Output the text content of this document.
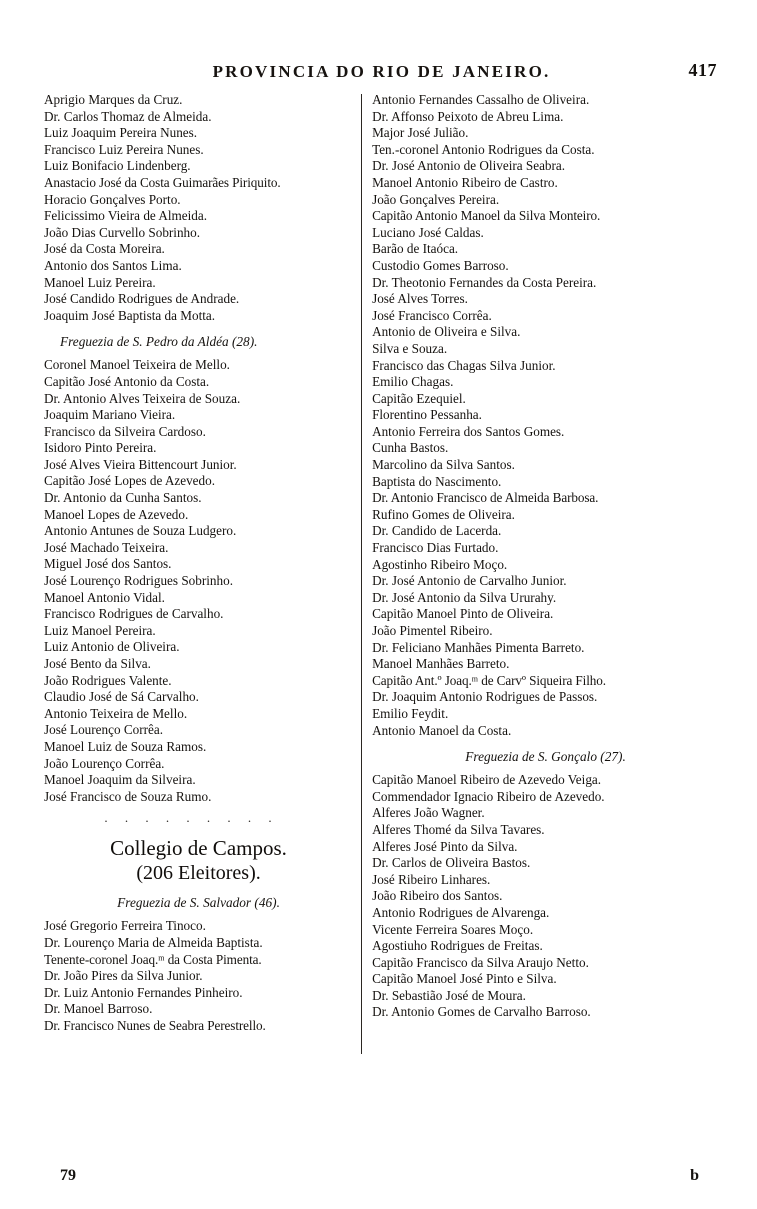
PROVINCIA DO RIO DE JANEIRO.	417
Aprigio Marques da Cruz.
Dr. Carlos Thomaz de Almeida.
Luiz Joaquim Pereira Nunes.
Francisco Luiz Pereira Nunes.
Luiz Bonifacio Lindenberg.
Anastacio José da Costa Guimarães Piriquito.
Horacio Gonçalves Porto.
Felicissimo Vieira de Almeida.
João Dias Curvello Sobrinho.
José da Costa Moreira.
Antonio dos Santos Lima.
Manoel Luiz Pereira.
José Candido Rodrigues de Andrade.
Joaquim José Baptista da Motta.
Freguezia de S. Pedro da Aldéa (28).
Coronel Manoel Teixeira de Mello.
Capitão José Antonio da Costa.
Dr. Antonio Alves Teixeira de Souza.
Joaquim Mariano Vieira.
Francisco da Silveira Cardoso.
Isidoro Pinto Pereira.
José Alves Vieira Bittencourt Junior.
Capitão José Lopes de Azevedo.
Dr. Antonio da Cunha Santos.
Manoel Lopes de Azevedo.
Antonio Antunes de Souza Ludgero.
José Machado Teixeira.
Miguel José dos Santos.
José Lourenço Rodrigues Sobrinho.
Manoel Antonio Vidal.
Francisco Rodrigues de Carvalho.
Luiz Manoel Pereira.
Luiz Antonio de Oliveira.
José Bento da Silva.
João Rodrigues Valente.
Claudio José de Sá Carvalho.
Antonio Teixeira de Mello.
José Lourenço Corrêa.
Manoel Luiz de Souza Ramos.
João Lourenço Corrêa.
Manoel Joaquim da Silveira.
José Francisco de Souza Rumo.
. . . . . . . . .
Collegio de Campos.
(206 Eleitores).
Freguezia de S. Salvador (46).
José Gregorio Ferreira Tinoco.
Dr. Lourenço Maria de Almeida Baptista.
Tenente-coronel Joaq.ᵐ da Costa Pimenta.
Dr. João Pires da Silva Junior.
Dr. Luiz Antonio Fernandes Pinheiro.
Dr. Manoel Barroso.
Dr. Francisco Nunes de Seabra Perestrello.
Antonio Fernandes Cassalho de Oliveira.
Dr. Affonso Peixoto de Abreu Lima.
Major José Julião.
Ten.-coronel Antonio Rodrigues da Costa.
Dr. José Antonio de Oliveira Seabra.
Manoel Antonio Ribeiro de Castro.
João Gonçalves Pereira.
Capitão Antonio Manoel da Silva Monteiro.
Luciano José Caldas.
Barão de Itaóca.
Custodio Gomes Barroso.
Dr. Theotonio Fernandes da Costa Pereira.
José Alves Torres.
José Francisco Corrêa.
Antonio de Oliveira e Silva.
Silva e Souza.
Francisco das Chagas Silva Junior.
Emilio Chagas.
Capitão Ezequiel.
Florentino Pessanha.
Antonio Ferreira dos Santos Gomes.
Cunha Bastos.
Marcolino da Silva Santos.
Baptista do Nascimento.
Dr. Antonio Francisco de Almeida Barbosa.
Rufino Gomes de Oliveira.
Dr. Candido de Lacerda.
Francisco Dias Furtado.
Agostinho Ribeiro Moço.
Dr. José Antonio de Carvalho Junior.
Dr. José Antonio da Silva Ururahy.
Capitão Manoel Pinto de Oliveira.
João Pimentel Ribeiro.
Dr. Feliciano Manhães Pimenta Barreto.
Manoel Manhães Barreto.
Capitão Ant.º Joaq.ᵐ de Carvº Siqueira Filho.
Dr. Joaquim Antonio Rodrigues de Passos.
Emilio Feydit.
Antonio Manoel da Costa.
Freguezia de S. Gonçalo (27).
Capitão Manoel Ribeiro de Azevedo Veiga.
Commendador Ignacio Ribeiro de Azevedo.
Alferes João Wagner.
Alferes Thomé da Silva Tavares.
Alferes José Pinto da Silva.
Dr. Carlos de Oliveira Bastos.
José Ribeiro Linhares.
João Ribeiro dos Santos.
Antonio Rodrigues de Alvarenga.
Vicente Ferreira Soares Moço.
Agostiuho Rodrigues de Freitas.
Capitão Francisco da Silva Araujo Netto.
Capitão Manoel José Pinto e Silva.
Dr. Sebastião José de Moura.
Dr. Antonio Gomes de Carvalho Barroso.
79	b
